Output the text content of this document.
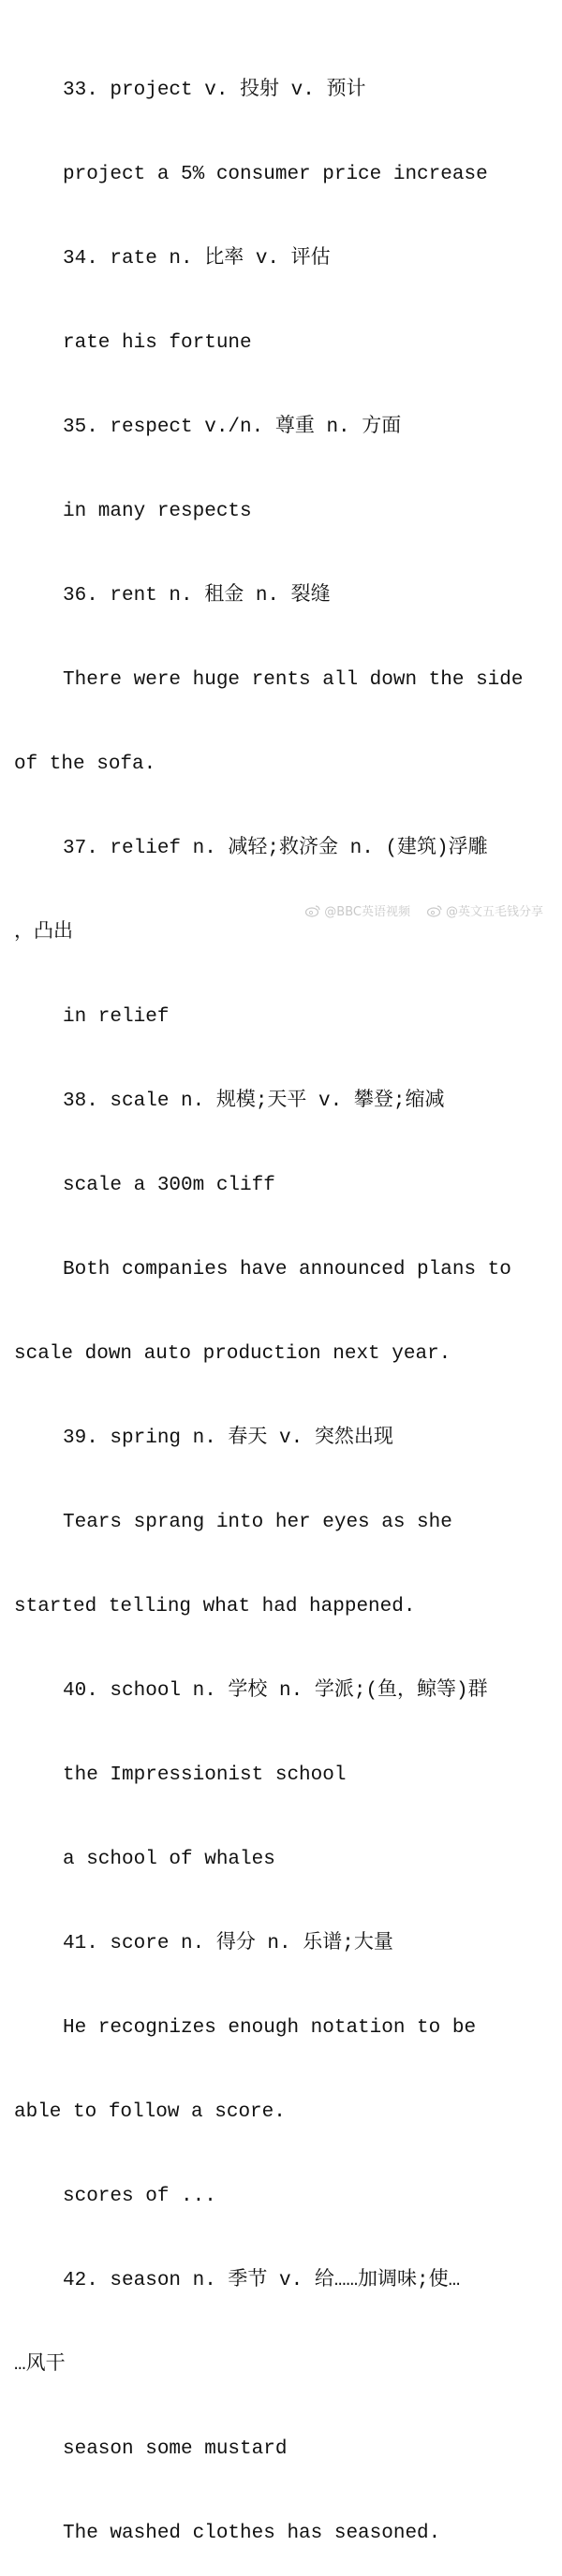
33. project v. 投射 v. 预计

project a 5% consumer price increase

34. rate n. 比率 v. 评估

rate his fortune

35. respect v./n. 尊重 n. 方面

in many respects

36. rent n. 租金 n. 裂缝

There were huge rents all down the side

of the sofa.

37. relief n. 减轻;救济金 n. (建筑)浮雕

，凸出

in relief

38. scale n. 规模;天平 v. 攀登;缩减

scale a 300m cliff

Both companies have announced plans to

scale down auto production next year.

39. spring n. 春天 v. 突然出现

Tears sprang into her eyes as she

started telling what had happened.

40. school n. 学校 n. 学派;(鱼，鲸等)群

the Impressionist school

a school of whales

41. score n. 得分 n. 乐谱;大量

He recognizes enough notation to be

able to follow a score.

scores of ...

42. season n. 季节 v. 给……加调味;使…

…风干

season some mustard

The washed clothes has seasoned.

@BBC英语视频	@英文五毛钱分享
